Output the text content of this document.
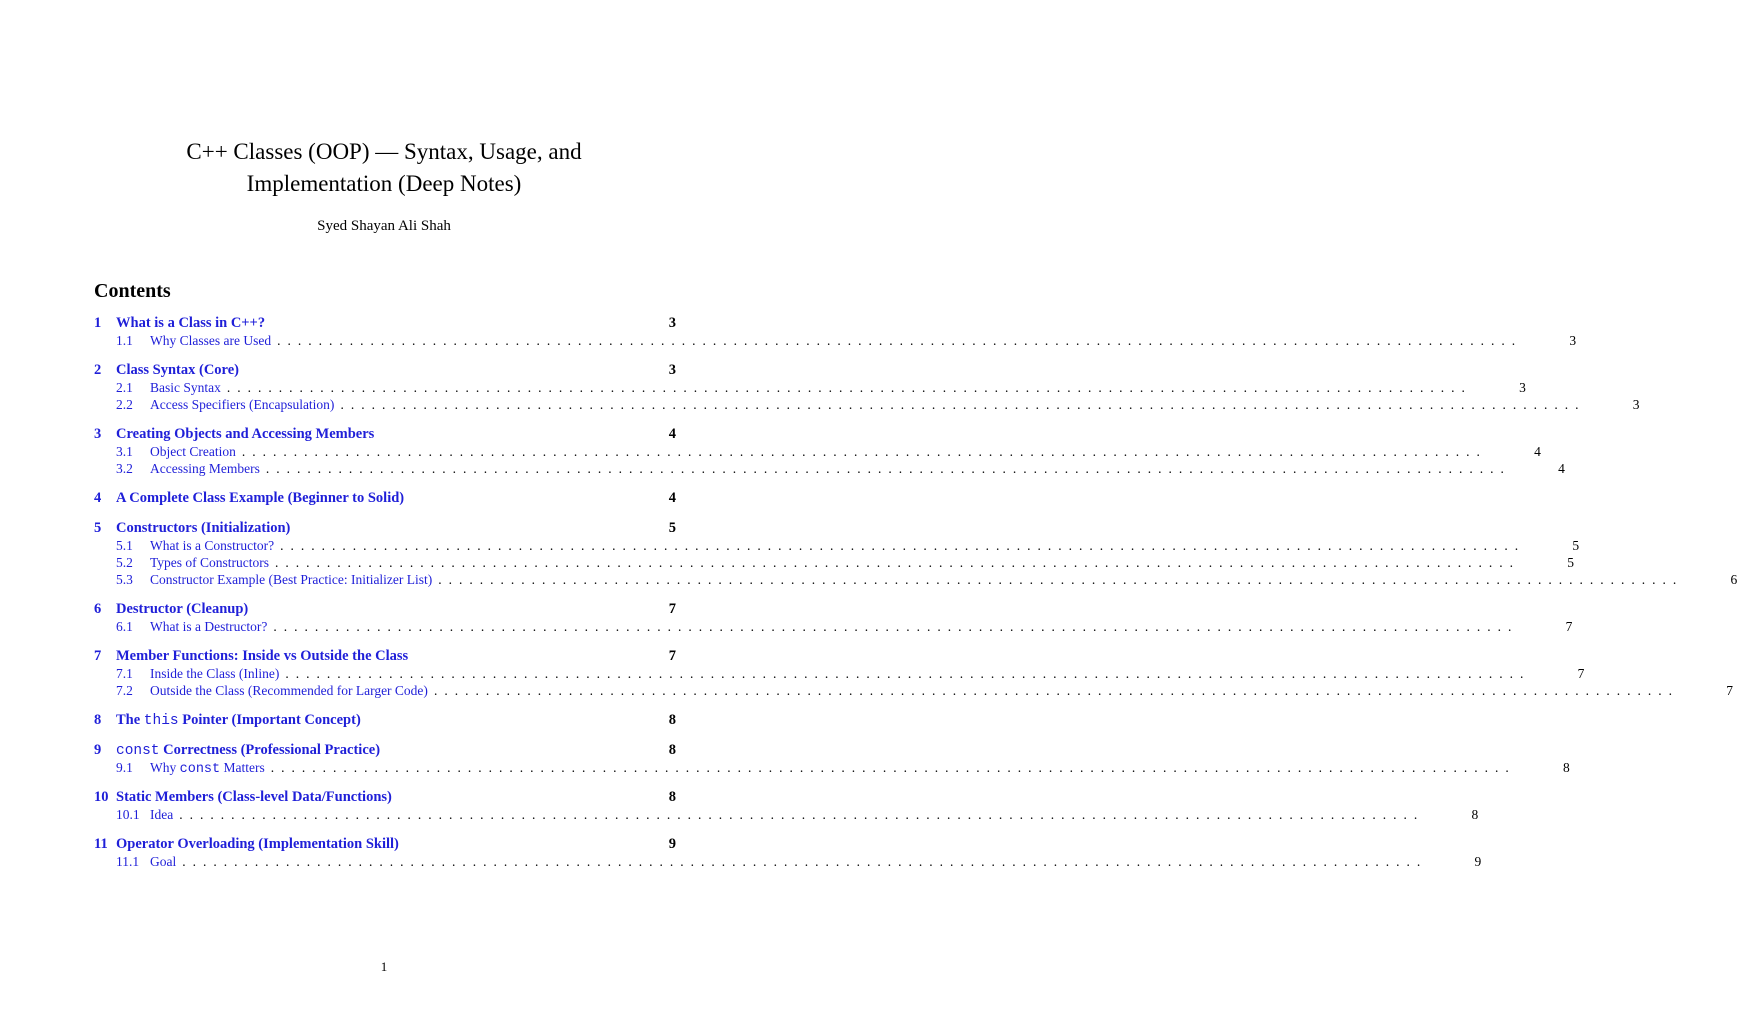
C++ Classes (OOP) — Syntax, Usage, and
Implementation (Deep Notes)
Syed Shayan Ali Shah
Contents
1	What is a Class in C++?	3
1.1	Why Classes are Used ........................................................................................................................	3
2	Class Syntax (Core)	3
2.1	Basic Syntax ........................................................................................................................	3
2.2	Access Specifiers (Encapsulation) ........................................................................................................................	3
3	Creating Objects and Accessing Members	4
3.1	Object Creation ........................................................................................................................	4
3.2	Accessing Members ........................................................................................................................	4
4	A Complete Class Example (Beginner to Solid)	4
5	Constructors (Initialization)	5
5.1	What is a Constructor? ........................................................................................................................	5
5.2	Types of Constructors ........................................................................................................................	5
5.3	Constructor Example (Best Practice: Initializer List) ........................................................................................................................	6
6	Destructor (Cleanup)	7
6.1	What is a Destructor? ........................................................................................................................	7
7	Member Functions: Inside vs Outside the Class	7
7.1	Inside the Class (Inline) ........................................................................................................................	7
7.2	Outside the Class (Recommended for Larger Code) ........................................................................................................................	7
8	The this Pointer (Important Concept)	8
9	const Correctness (Professional Practice)	8
9.1	Why const Matters ........................................................................................................................	8
10 Static Members (Class-level Data/Functions)	8
10.1 Idea ........................................................................................................................	8
11 Operator Overloading (Implementation Skill)	9
11.1 Goal ........................................................................................................................	9
1
